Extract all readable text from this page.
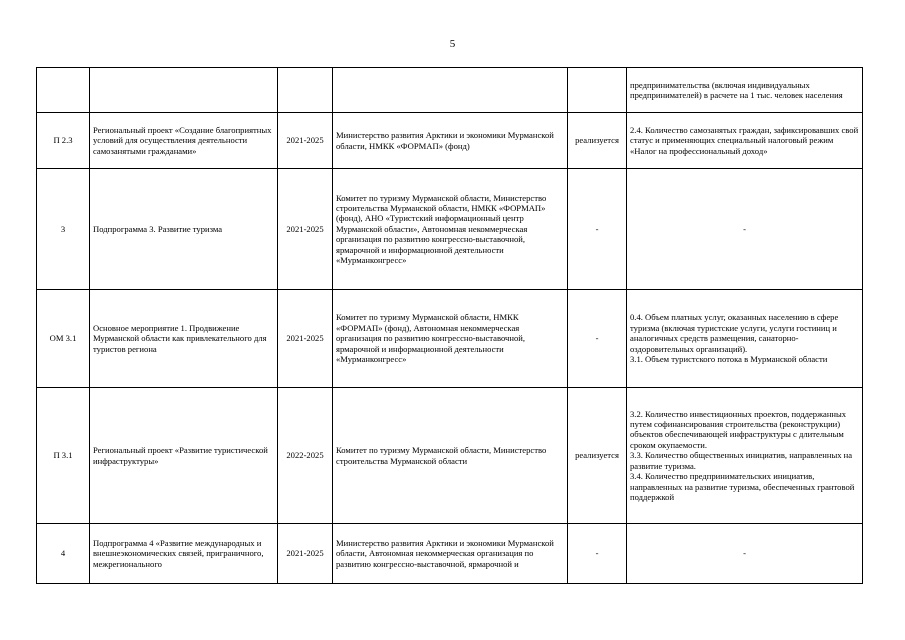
5

					предпринимательства (включая индивидуальных предпринимателей) в расчете на 1 тыс. человек населения

П 2.3	Региональный проект «Создание благоприятных условий для осуществления деятельности самозанятыми гражданами»	2021-2025	Министерство развития Арктики и экономики Мурманской области, НМКК «ФОРМАП» (фонд)	реализуется	2.4. Количество самозанятых граждан, зафиксировавших свой статус и применяющих специальный налоговый режим «Налог на профессиональный доход»

3	Подпрограмма 3. Развитие туризма	2021-2025	Комитет по туризму Мурманской области, Министерство строительства Мурманской области, НМКК «ФОРМАП» (фонд), АНО «Туристский информационный центр Мурманской области», Автономная некоммерческая организация по развитию конгрессно-выставочной, ярмарочной и информационной деятельности «Мурманконгресс»	-	-

ОМ 3.1	Основное мероприятие 1. Продвижение Мурманской области как привлекательного для туристов региона	2021-2025	Комитет по туризму Мурманской области, НМКК «ФОРМАП» (фонд), Автономная некоммерческая организация по развитию конгрессно-выставочной, ярмарочной и информационной деятельности «Мурманконгресс»	-	0.4. Объем платных услуг, оказанных населению в сфере туризма (включая туристские услуги, услуги гостиниц и аналогичных средств размещения, санаторно-оздоровительных организаций).
3.1. Объем туристского потока в Мурманской области

П 3.1	Региональный проект «Развитие туристической инфраструктуры»	2022-2025	Комитет по туризму Мурманской области, Министерство строительства Мурманской области	реализуется	3.2. Количество инвестиционных проектов, поддержанных путем софинансирования строительства (реконструкции) объектов обеспечивающей инфраструктуры с длительным сроком окупаемости.
3.3. Количество общественных инициатив, направленных на развитие туризма.
3.4. Количество предпринимательских инициатив, направленных на развитие туризма, обеспеченных грантовой поддержкой

4	Подпрограмма 4 «Развитие международных и внешнеэкономических связей, приграничного, межрегионального	2021-2025	Министерство развития Арктики и экономики Мурманской области, Автономная некоммерческая организация по развитию конгрессно-выставочной, ярмарочной и	-	-
